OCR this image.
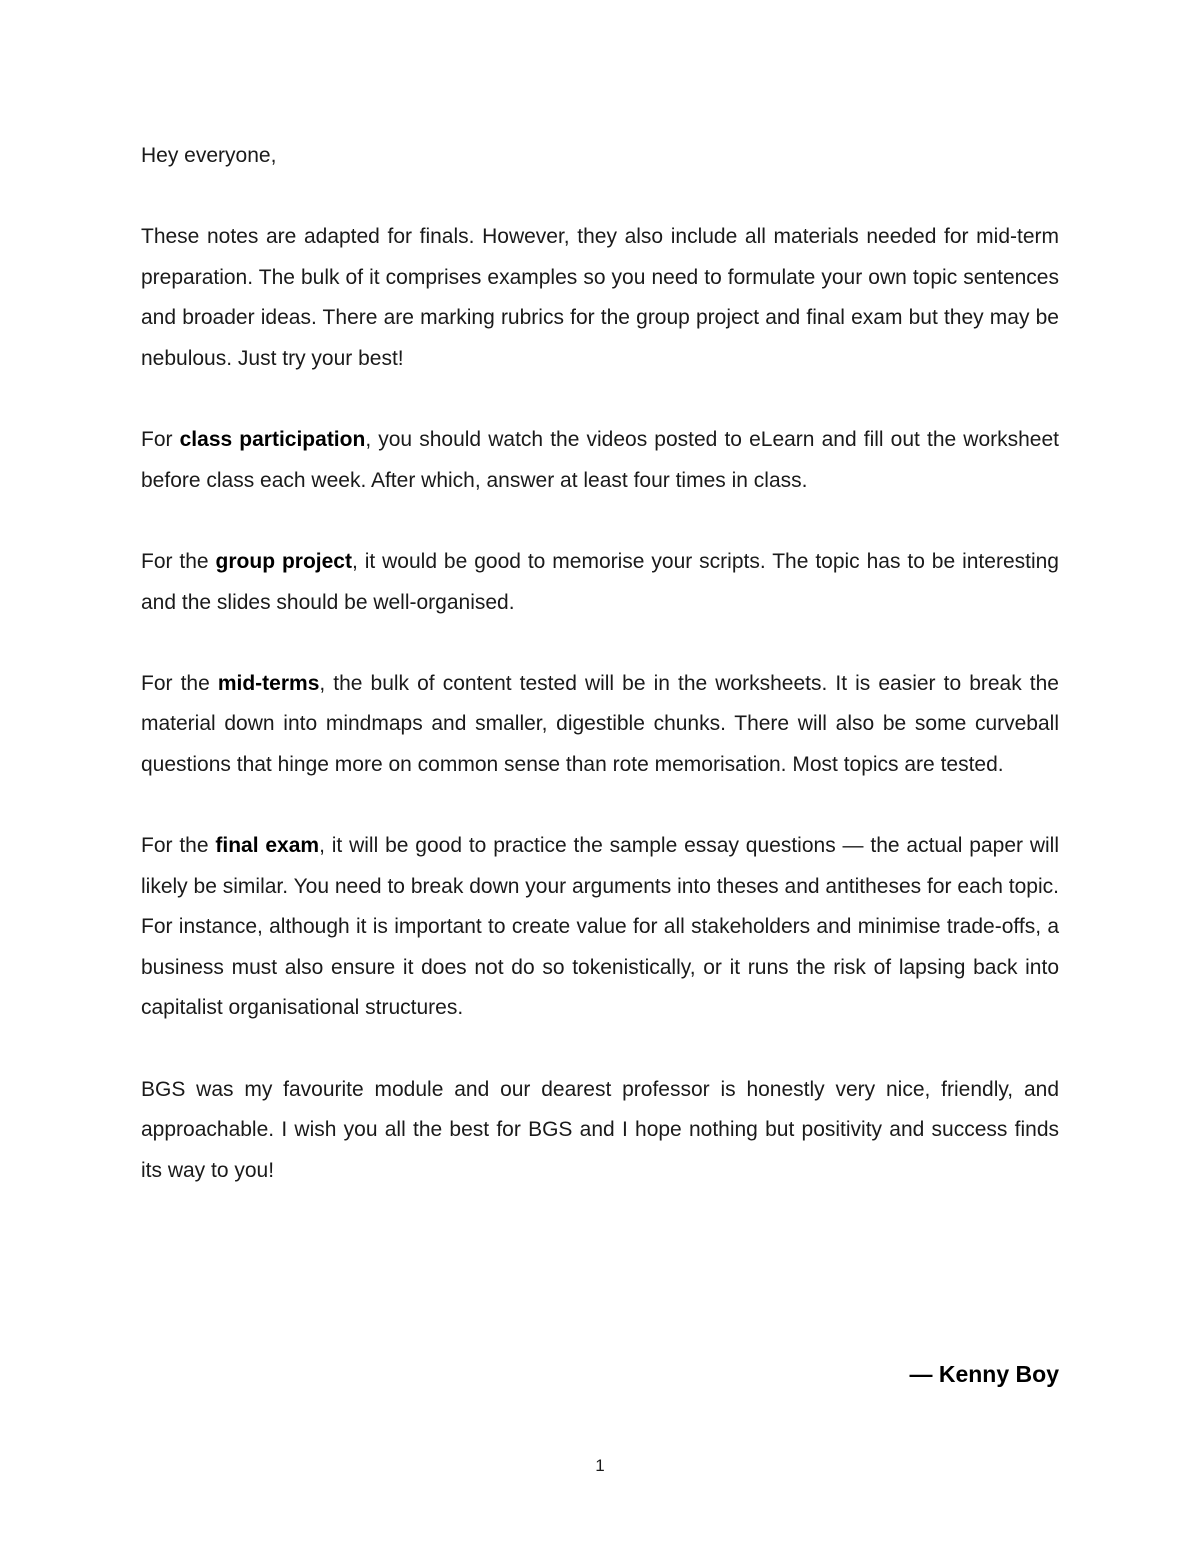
Hey everyone,

These notes are adapted for finals. However, they also include all materials needed for mid-term preparation. The bulk of it comprises examples so you need to formulate your own topic sentences and broader ideas. There are marking rubrics for the group project and final exam but they may be nebulous. Just try your best!

For class participation, you should watch the videos posted to eLearn and fill out the worksheet before class each week. After which, answer at least four times in class.

For the group project, it would be good to memorise your scripts. The topic has to be interesting and the slides should be well-organised.

For the mid-terms, the bulk of content tested will be in the worksheets. It is easier to break the material down into mindmaps and smaller, digestible chunks. There will also be some curveball questions that hinge more on common sense than rote memorisation. Most topics are tested.

For the final exam, it will be good to practice the sample essay questions — the actual paper will likely be similar. You need to break down your arguments into theses and antitheses for each topic. For instance, although it is important to create value for all stakeholders and minimise trade-offs, a business must also ensure it does not do so tokenistically, or it runs the risk of lapsing back into capitalist organisational structures.

BGS was my favourite module and our dearest professor is honestly very nice, friendly, and approachable. I wish you all the best for BGS and I hope nothing but positivity and success finds its way to you!

— Kenny Boy
1
